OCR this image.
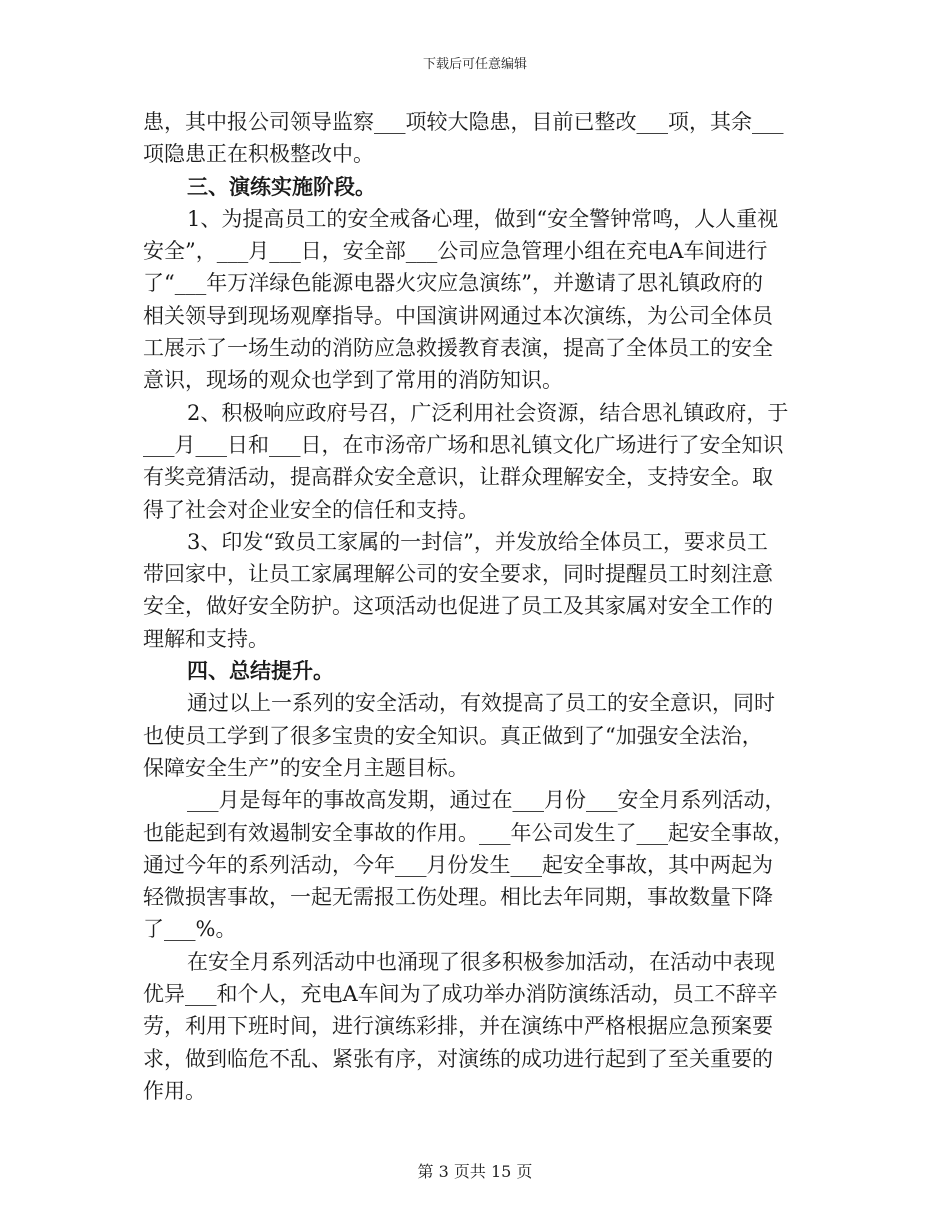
下载后可任意编辑
患，其中报公司领导监察___项较大隐患，目前已整改___项，其余___
项隐患正在积极整改中。
三、演练实施阶段。
1、为提高员工的安全戒备心理，做到“安全警钟常鸣，人人重视
安全”，___月___日，安全部___公司应急管理小组在充电A车间进行
了“___年万洋绿色能源电器火灾应急演练”，并邀请了思礼镇政府的
相关领导到现场观摩指导。中国演讲网通过本次演练，为公司全体员
工展示了一场生动的消防应急救援教育表演，提高了全体员工的安全
意识，现场的观众也学到了常用的消防知识。
2、积极响应政府号召，广泛利用社会资源，结合思礼镇政府，于
___月___日和___日，在市汤帝广场和思礼镇文化广场进行了安全知识
有奖竞猜活动，提高群众安全意识，让群众理解安全，支持安全。取
得了社会对企业安全的信任和支持。
3、印发“致员工家属的一封信”，并发放给全体员工，要求员工
带回家中，让员工家属理解公司的安全要求，同时提醒员工时刻注意
安全，做好安全防护。这项活动也促进了员工及其家属对安全工作的
理解和支持。
四、总结提升。
通过以上一系列的安全活动，有效提高了员工的安全意识，同时
也使员工学到了很多宝贵的安全知识。真正做到了“加强安全法治，
保障安全生产”的安全月主题目标。
___月是每年的事故高发期，通过在___月份___安全月系列活动，
也能起到有效遏制安全事故的作用。___年公司发生了___起安全事故，
通过今年的系列活动，今年___月份发生___起安全事故，其中两起为
轻微损害事故，一起无需报工伤处理。相比去年同期，事故数量下降
了___%。
在安全月系列活动中也涌现了很多积极参加活动，在活动中表现
优异___和个人，充电A车间为了成功举办消防演练活动，员工不辞辛
劳，利用下班时间，进行演练彩排，并在演练中严格根据应急预案要
求，做到临危不乱、紧张有序，对演练的成功进行起到了至关重要的
作用。
第 3 页共 15 页
